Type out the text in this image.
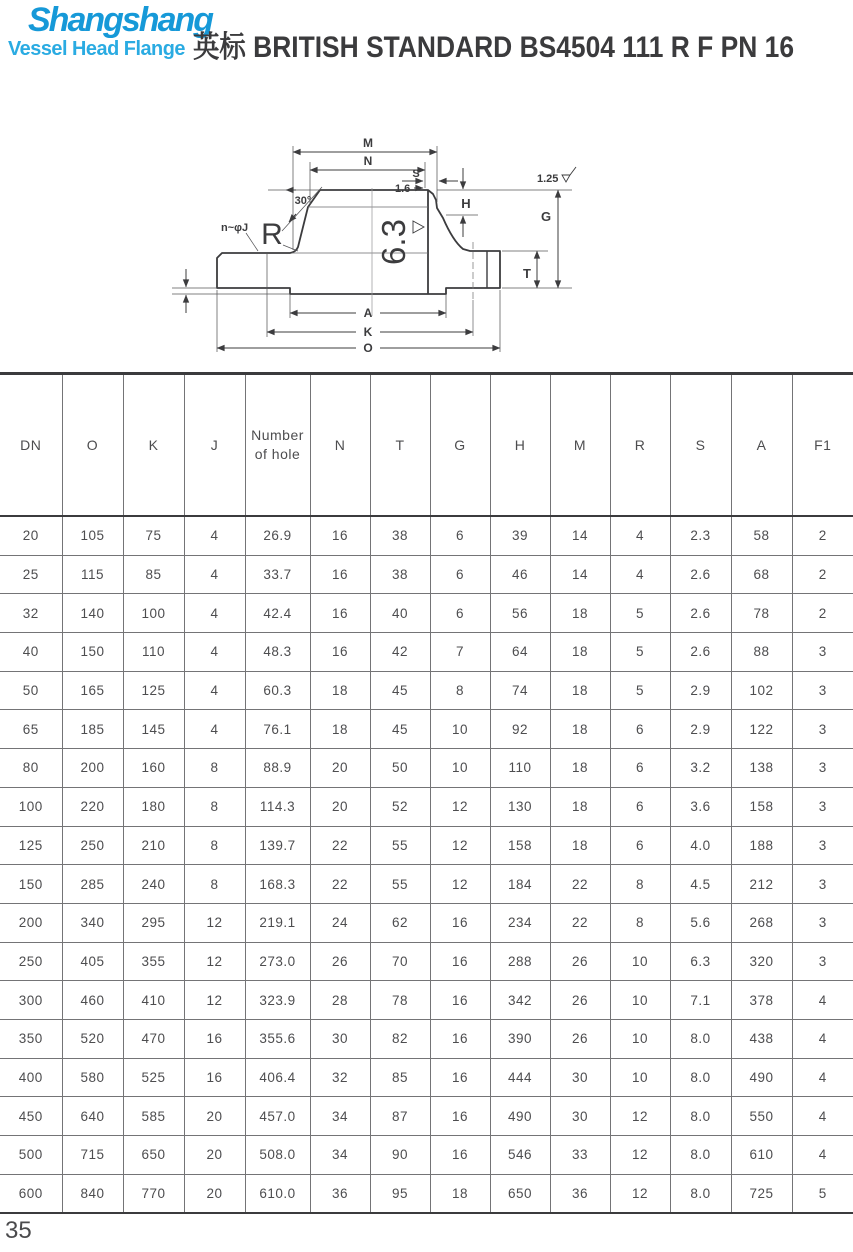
Shangshang
Vessel Head Flange 英标 BRITISH STANDARD BS4504 111 R F PN 16
M
N
S
1.6
H
G
1.25
T
30°
n~φJ R	6.3
A
K
O
DN	O	K	J	Number of hole	N	T	G	H	M	R	S	A	F1
20	105	75	4	26.9	16	38	6	39	14	4	2.3	58	2
25	115	85	4	33.7	16	38	6	46	14	4	2.6	68	2
32	140	100	4	42.4	16	40	6	56	18	5	2.6	78	2
40	150	110	4	48.3	16	42	7	64	18	5	2.6	88	3
50	165	125	4	60.3	18	45	8	74	18	5	2.9	102	3
65	185	145	4	76.1	18	45	10	92	18	6	2.9	122	3
80	200	160	8	88.9	20	50	10	110	18	6	3.2	138	3
100	220	180	8	114.3	20	52	12	130	18	6	3.6	158	3
125	250	210	8	139.7	22	55	12	158	18	6	4.0	188	3
150	285	240	8	168.3	22	55	12	184	22	8	4.5	212	3
200	340	295	12	219.1	24	62	16	234	22	8	5.6	268	3
250	405	355	12	273.0	26	70	16	288	26	10	6.3	320	3
300	460	410	12	323.9	28	78	16	342	26	10	7.1	378	4
350	520	470	16	355.6	30	82	16	390	26	10	8.0	438	4
400	580	525	16	406.4	32	85	16	444	30	10	8.0	490	4
450	640	585	20	457.0	34	87	16	490	30	12	8.0	550	4
500	715	650	20	508.0	34	90	16	546	33	12	8.0	610	4
600	840	770	20	610.0	36	95	18	650	36	12	8.0	725	5
35
